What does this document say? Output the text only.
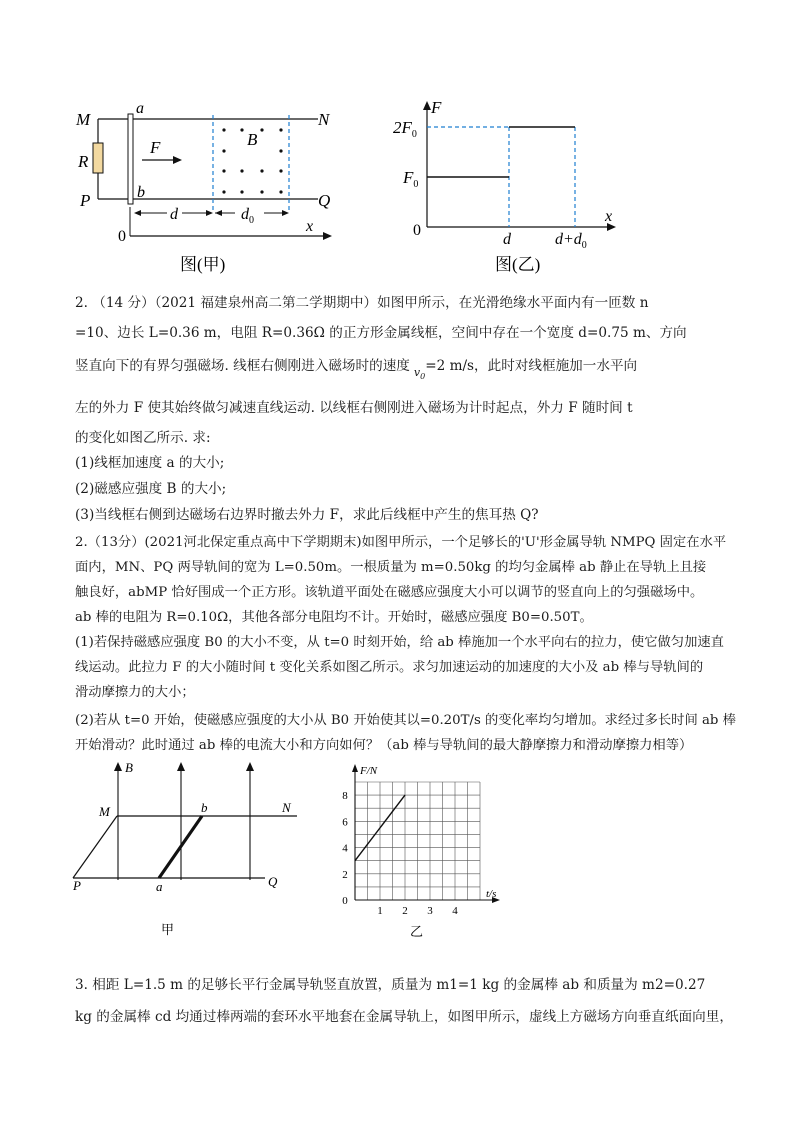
M	N
R
P	Q
a
b
F	B
d	$d_0$
0
x
图(甲)
F
$2F_0$
$F_0$
0
x
d	$d+d_0$
图(乙)
2. （14 分）（2021 福建泉州高二第二学期期中）如图甲所示，在光滑绝缘水平面内有一匝数 n
=10、边长 L=0.36 m，电阻 R=0.36Ω 的正方形金属线框，空间中存在一个宽度 d=0.75 m、方向
竖直向下的有界匀强磁场. 线框右侧刚进入磁场时的速度 $_{v_0}$=2 m/s，此时对线框施加一水平向
左的外力 F 使其始终做匀减速直线运动. 以线框右侧刚进入磁场为计时起点，外力 F 随时间 t
的变化如图乙所示. 求:
(1)线框加速度 a 的大小;
(2)磁感应强度 B 的大小;
(3)当线框右侧到达磁场右边界时撤去外力 F，求此后线框中产生的焦耳热 Q?
2.（13分）(2021河北保定重点高中下学期期末)如图甲所示，一个足够长的'U'形金属导轨 NMPQ 固定在水平
面内，MN、PQ 两导轨间的宽为 L=0.50m。一根质量为 m=0.50kg 的均匀金属棒 ab 静止在导轨上且接
触良好，abMP 恰好围成一个正方形。该轨道平面处在磁感应强度大小可以调节的竖直向上的匀强磁场中。
ab 棒的电阻为 R=0.10Ω，其他各部分电阻均不计。开始时，磁感应强度 B0=0.50T。
(1)若保持磁感应强度 B0 的大小不变，从 t=0 时刻开始，给 ab 棒施加一个水平向右的拉力，使它做匀加速直
线运动。此拉力 F 的大小随时间 t 变化关系如图乙所示。求匀加速运动的加速度的大小及 ab 棒与导轨间的
滑动摩擦力的大小；
(2)若从 t=0 开始，使磁感应强度的大小从 B0 开始使其以=0.20T/s 的变化率均匀增加。求经过多长时间 ab 棒
开始滑动？此时通过 ab 棒的电流大小和方向如何？（ab 棒与导轨间的最大静摩擦力和滑动摩擦力相等）
B
M	N
P	Q
a
b
甲
0
2
4
6
8
1 2 3 4
F/N
t/s
乙
3. 相距 L=1.5 m 的足够长平行金属导轨竖直放置，质量为 m1=1 kg 的金属棒 ab 和质量为 m2=0.27
kg 的金属棒 cd 均通过棒两端的套环水平地套在金属导轨上，如图甲所示，虚线上方磁场方向垂直纸面向里，
